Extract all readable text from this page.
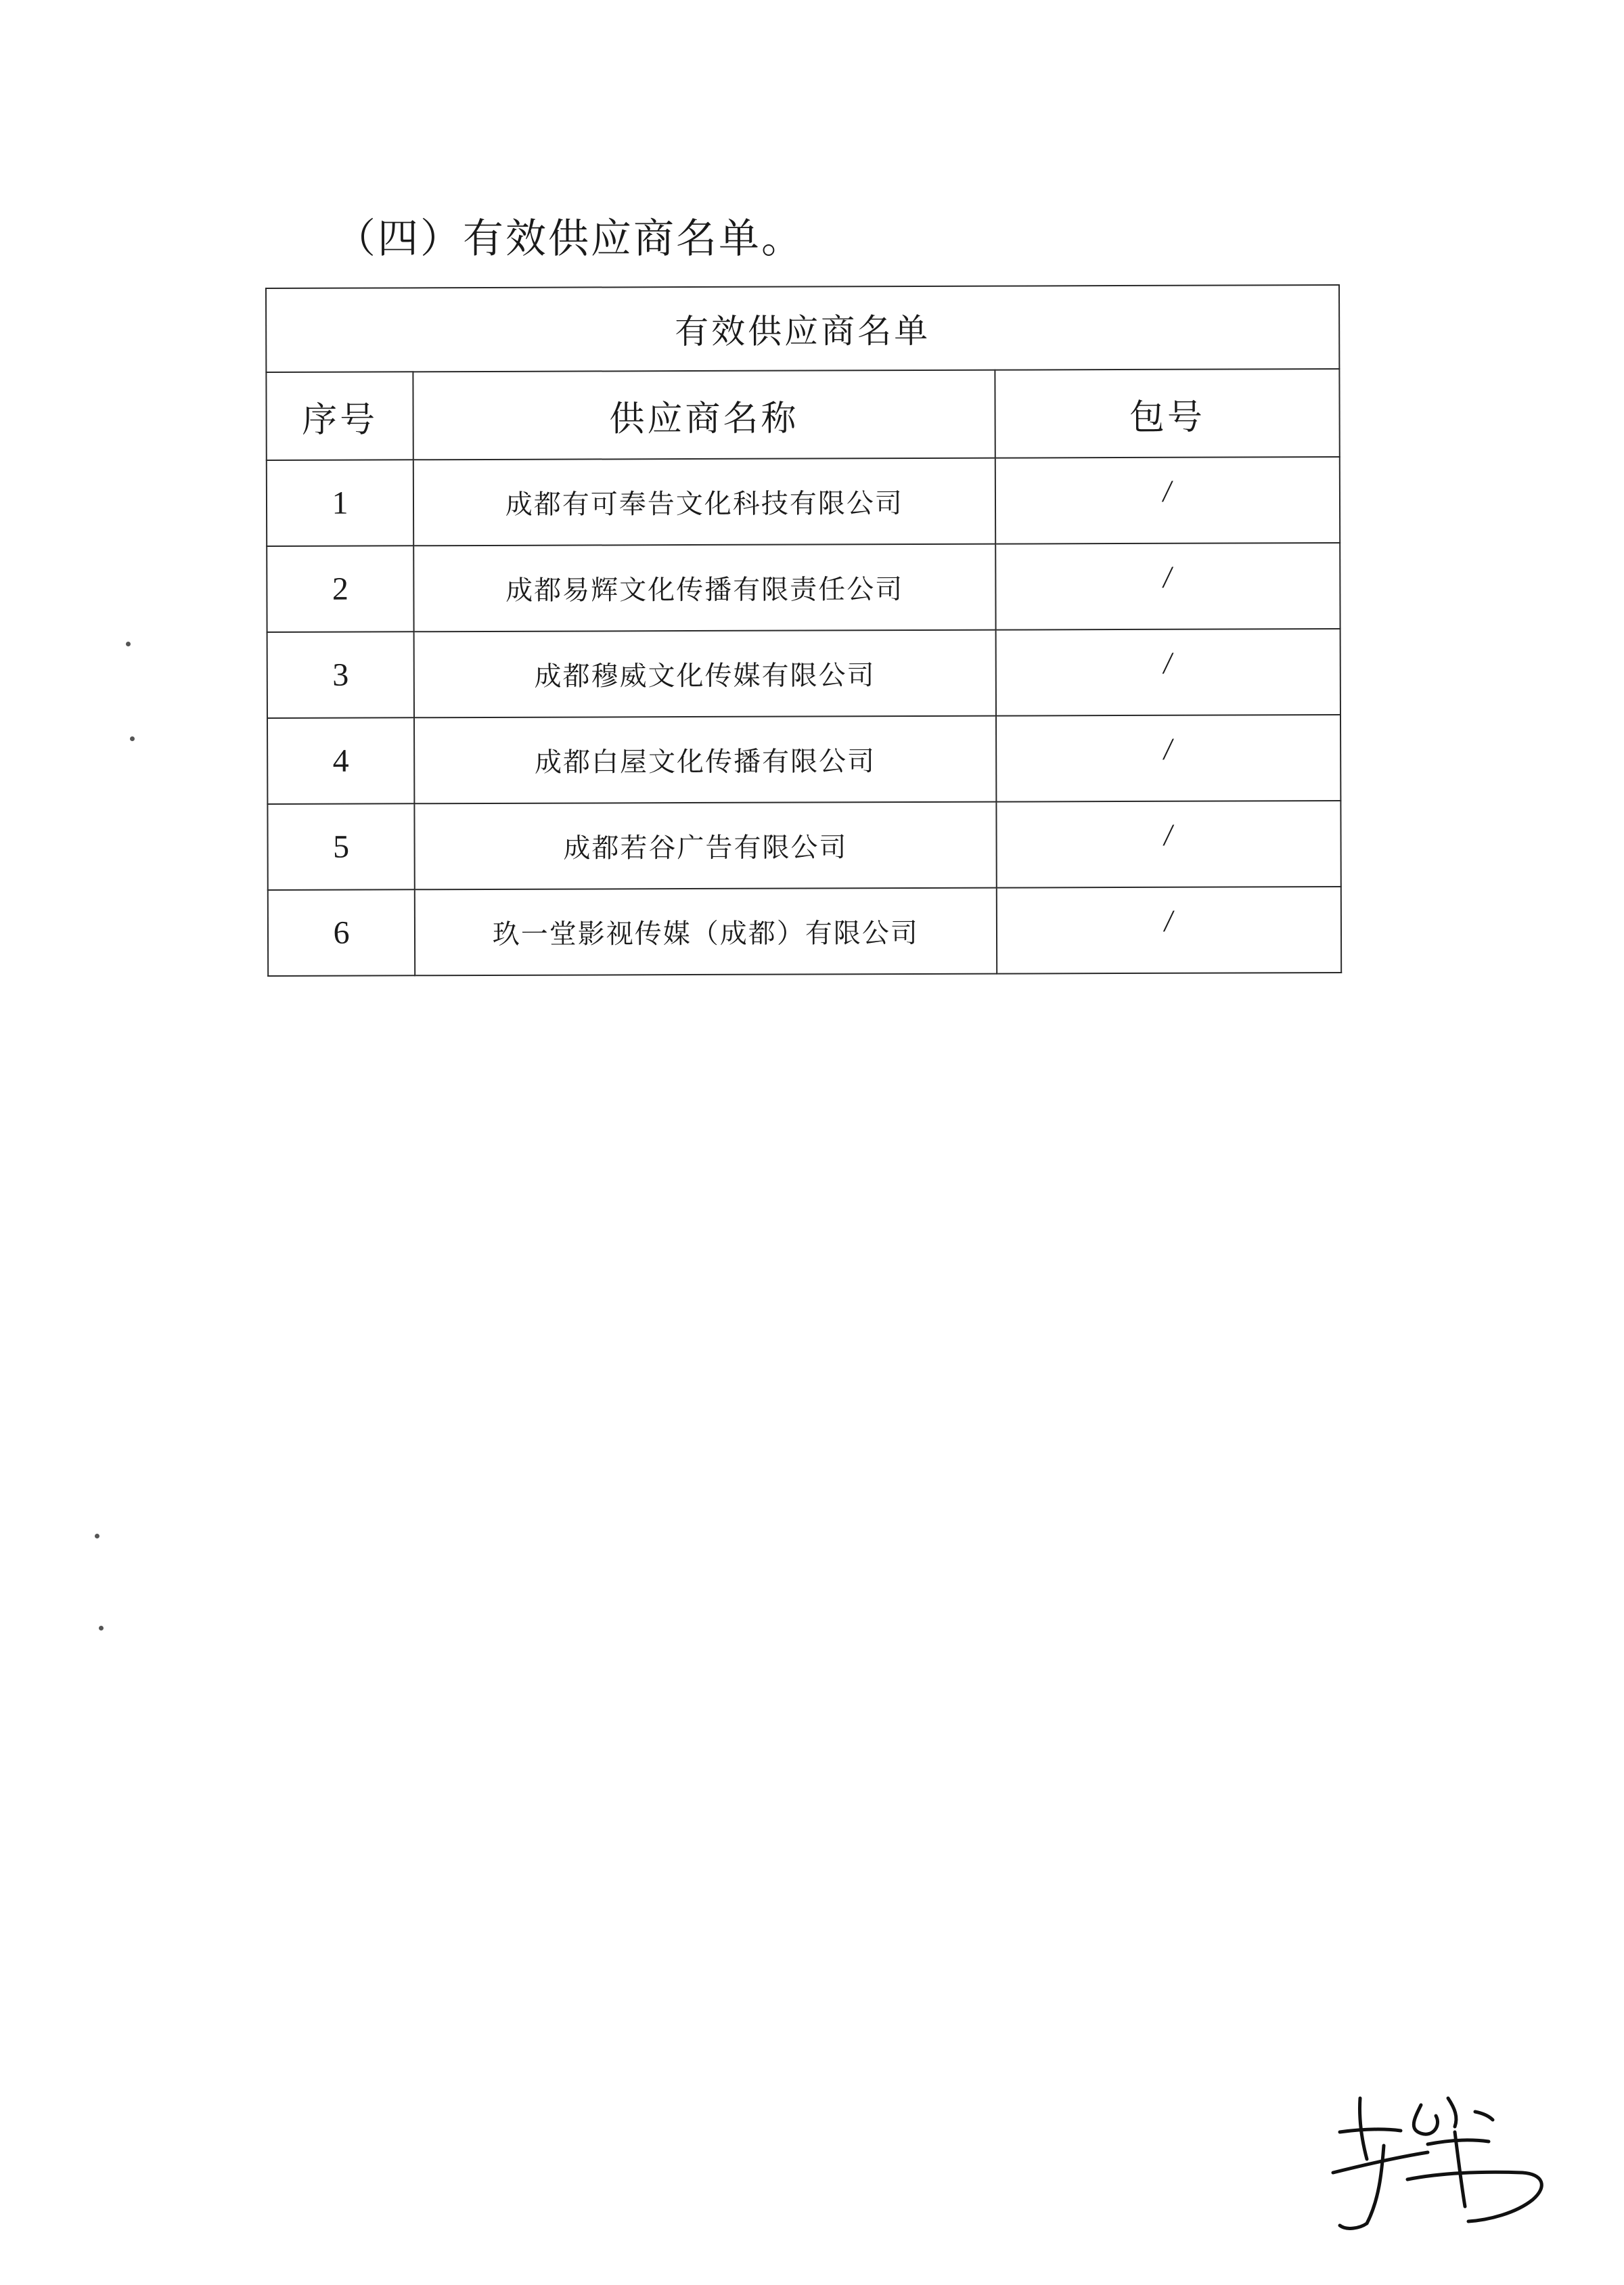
（四）有效供应商名单。
有效供应商名单		
序号	供应商名称	包号
1	成都有可奉告文化科技有限公司	/
2	成都易辉文化传播有限责任公司	/
3	成都穆威文化传媒有限公司	/
4	成都白屋文化传播有限公司	/
5	成都若谷广告有限公司	/
6	玖一堂影视传媒（成都）有限公司	/
